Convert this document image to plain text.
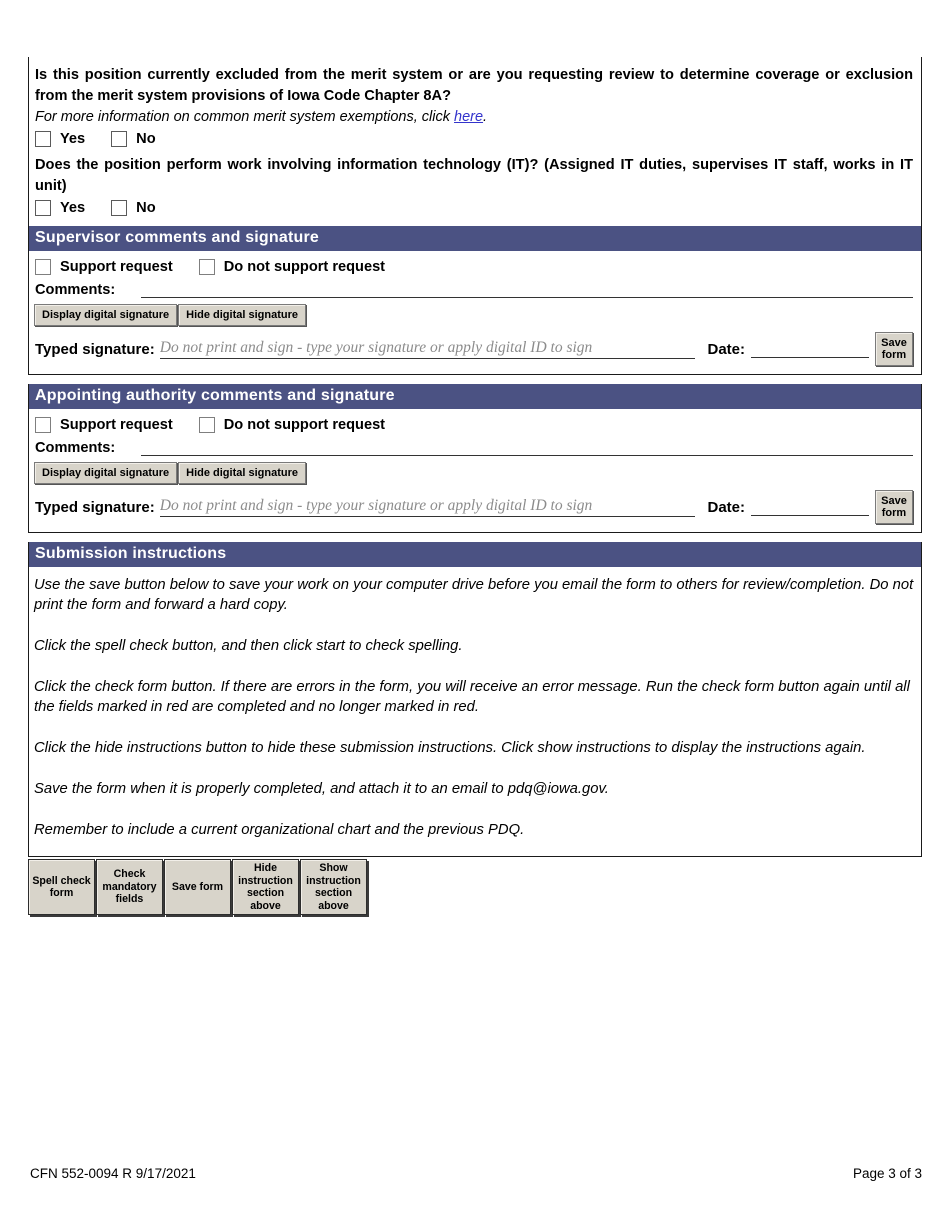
Is this position currently excluded from the merit system or are you requesting review to determine coverage or exclusion from the merit system provisions of Iowa Code Chapter 8A?
For more information on common merit system exemptions, click here.
Yes	No
Does the position perform work involving information technology (IT)? (Assigned IT duties, supervises IT staff, works in IT unit)
Yes	No
Supervisor comments and signature
Support request	Do not support request
Comments:
Display digital signature	Hide digital signature
Typed signature: Do not print and sign - type your signature or apply digital ID to sign	Date:	Save form
Appointing authority comments and signature
Support request	Do not support request
Comments:
Display digital signature	Hide digital signature
Typed signature: Do not print and sign - type your signature or apply digital ID to sign	Date:	Save form
Submission instructions

Use the save button below to save your work on your computer drive before you email the form to others for review/completion. Do not print the form and forward a hard copy.

Click the spell check button, and then click start to check spelling.

Click the check form button. If there are errors in the form, you will receive an error message. Run the check form button again until all the fields marked in red are completed and no longer marked in red.

Click the hide instructions button to hide these submission instructions. Click show instructions to display the instructions again.

Save the form when it is properly completed, and attach it to an email to pdq@iowa.gov.

Remember to include a current organizational chart and the previous PDQ.

Spell check form
Check mandatory fields
Save form
Hide instruction section above
Show instruction section above
CFN 552-0094 R 9/17/2021	Page 3 of 3
